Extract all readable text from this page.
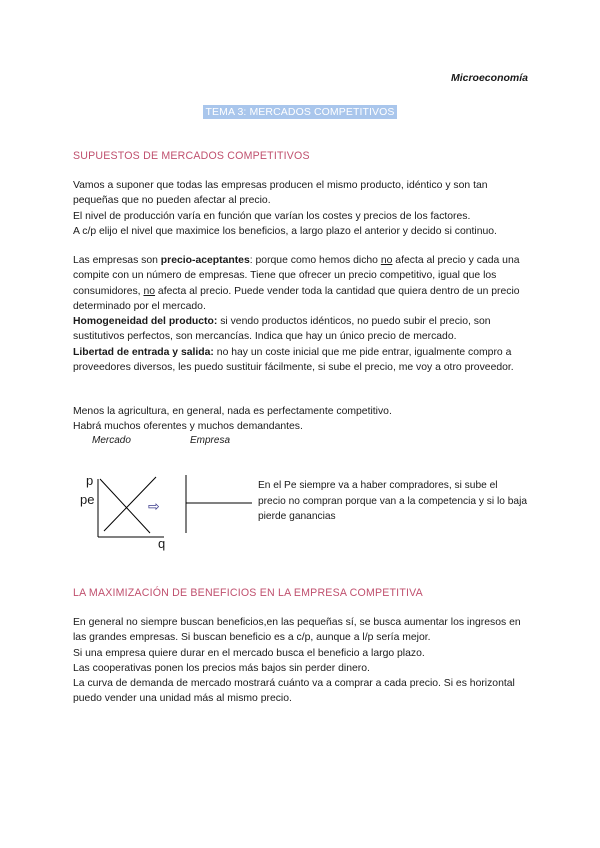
Microeconomía
TEMA 3: MERCADOS COMPETITIVOS
SUPUESTOS DE MERCADOS COMPETITIVOS

Vamos a suponer que todas las empresas producen el mismo producto, idéntico y son tan pequeñas que no pueden afectar al precio.

El nivel de producción varía en función que varían los costes y precios de los factores.

A c/p elijo el nivel que maximice los beneficios, a largo plazo el anterior y decido si continuo.

Las empresas son precio-aceptantes: porque como hemos dicho no afecta al precio y cada una compite con un número de empresas. Tiene que ofrecer un precio competitivo, igual que los consumidores, no afecta al precio. Puede vender toda la cantidad que quiera dentro de un precio determinado por el mercado.

Homogeneidad del producto: si vendo productos idénticos, no puedo subir el precio, son sustitutivos perfectos, son mercancías. Indica que hay un único precio de mercado.

Libertad de entrada y salida: no hay un coste inicial que me pide entrar, igualmente compro a proveedores diversos, les puedo sustituir fácilmente, si sube el precio, me voy a otro proveedor.

Menos la agricultura, en general, nada es perfectamente competitivo.

Habrá muchos oferentes y muchos demandantes.

Mercado	Empresa
p
pe	⇨
q
En el Pe siempre va a haber compradores, si sube el precio no compran porque van a la competencia y si lo baja pierde ganancias
LA MAXIMIZACIÓN DE BENEFICIOS EN LA EMPRESA COMPETITIVA

En general no siempre buscan beneficios,en las pequeñas sí, se busca aumentar los ingresos en las grandes empresas. Si buscan beneficio es a c/p, aunque a l/p sería mejor.

Si una empresa quiere durar en el mercado busca el beneficio a largo plazo.

Las cooperativas ponen los precios más bajos sin perder dinero.

La curva de demanda de mercado mostrará cuánto va a comprar a cada precio. Si es horizontal puedo vender una unidad más al mismo precio.
